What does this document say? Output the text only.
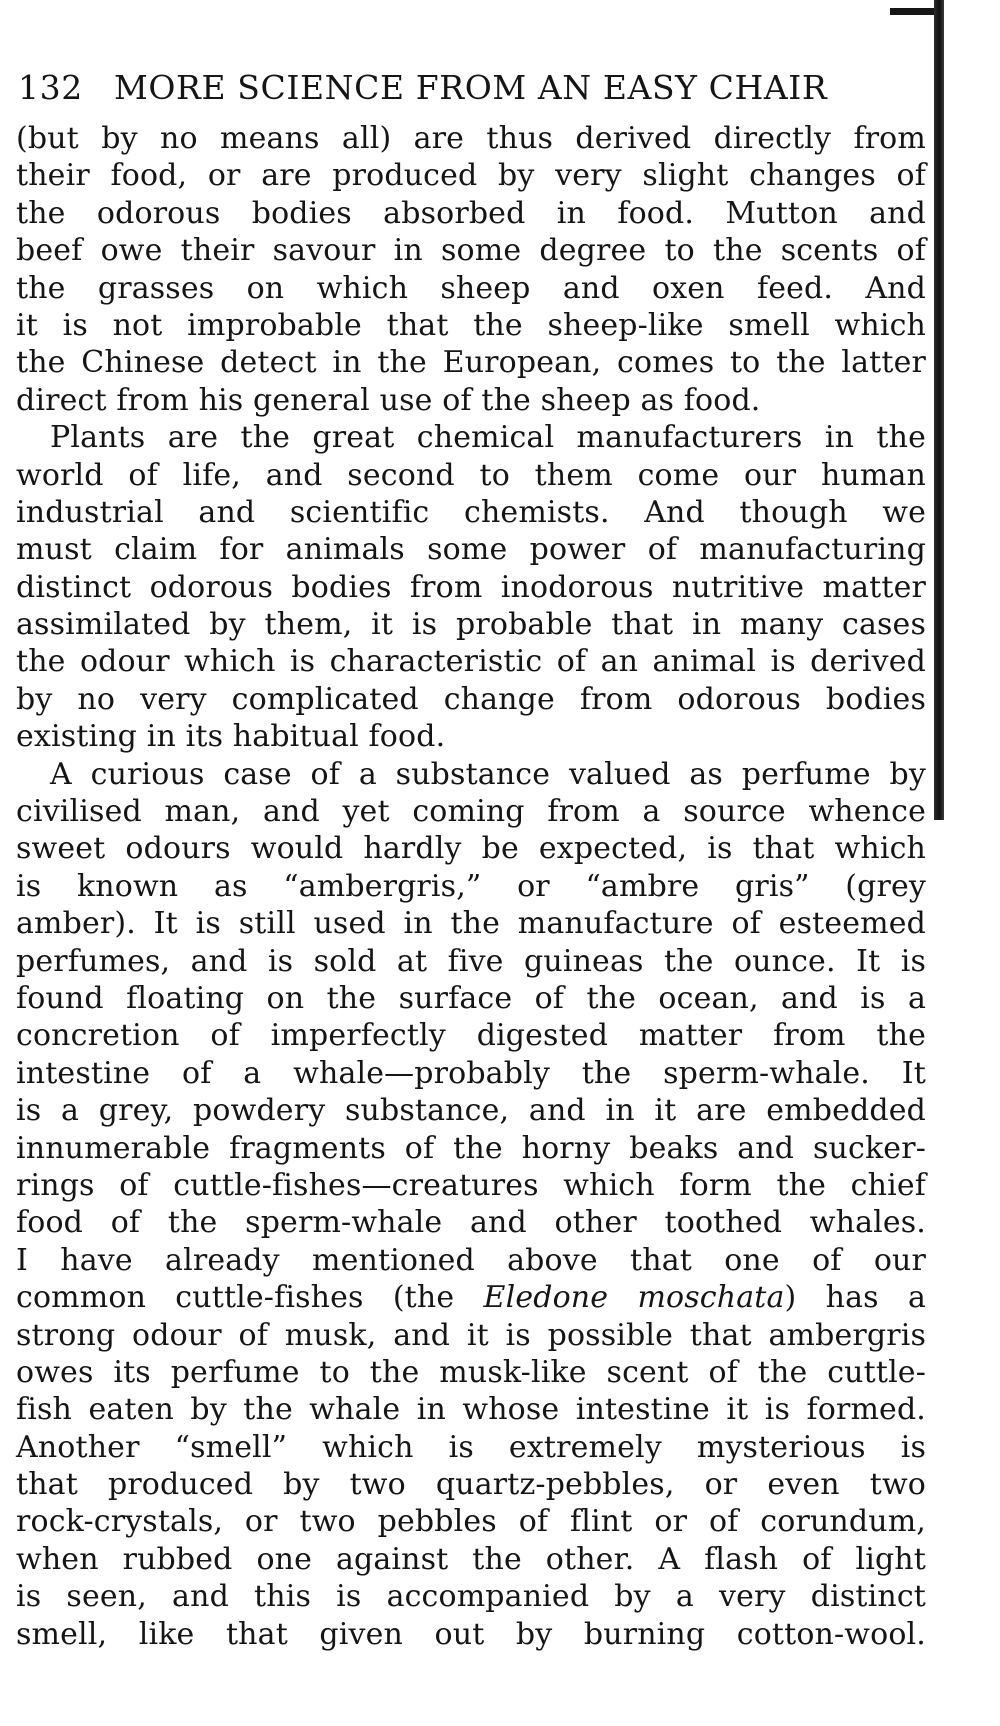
132 MORE SCIENCE FROM AN EASY CHAIR
(but by no means all) are thus derived directly from
their food, or are produced by very slight changes of
the odorous bodies absorbed in food. Mutton and
beef owe their savour in some degree to the scents of
the grasses on which sheep and oxen feed. And
it is not improbable that the sheep-like smell which
the Chinese detect in the European, comes to the latter
direct from his general use of the sheep as food.
Plants are the great chemical manufacturers in the
world of life, and second to them come our human
industrial and scientific chemists. And though we
must claim for animals some power of manufacturing
distinct odorous bodies from inodorous nutritive matter
assimilated by them, it is probable that in many cases
the odour which is characteristic of an animal is derived
by no very complicated change from odorous bodies
existing in its habitual food.
A curious case of a substance valued as perfume by
civilised man, and yet coming from a source whence
sweet odours would hardly be expected, is that which
is known as “ambergris,” or “ambre gris” (grey
amber). It is still used in the manufacture of esteemed
perfumes, and is sold at five guineas the ounce. It is
found floating on the surface of the ocean, and is a
concretion of imperfectly digested matter from the
intestine of a whale—probably the sperm-whale. It
is a grey, powdery substance, and in it are embedded
innumerable fragments of the horny beaks and sucker-
rings of cuttle-fishes—creatures which form the chief
food of the sperm-whale and other toothed whales.
I have already mentioned above that one of our
common cuttle-fishes (the Eledone moschata) has a
strong odour of musk, and it is possible that ambergris
owes its perfume to the musk-like scent of the cuttle-
fish eaten by the whale in whose intestine it is formed.
Another “smell” which is extremely mysterious is
that produced by two quartz-pebbles, or even two
rock-crystals, or two pebbles of flint or of corundum,
when rubbed one against the other. A flash of light
is seen, and this is accompanied by a very distinct
smell, like that given out by burning cotton-wool.
